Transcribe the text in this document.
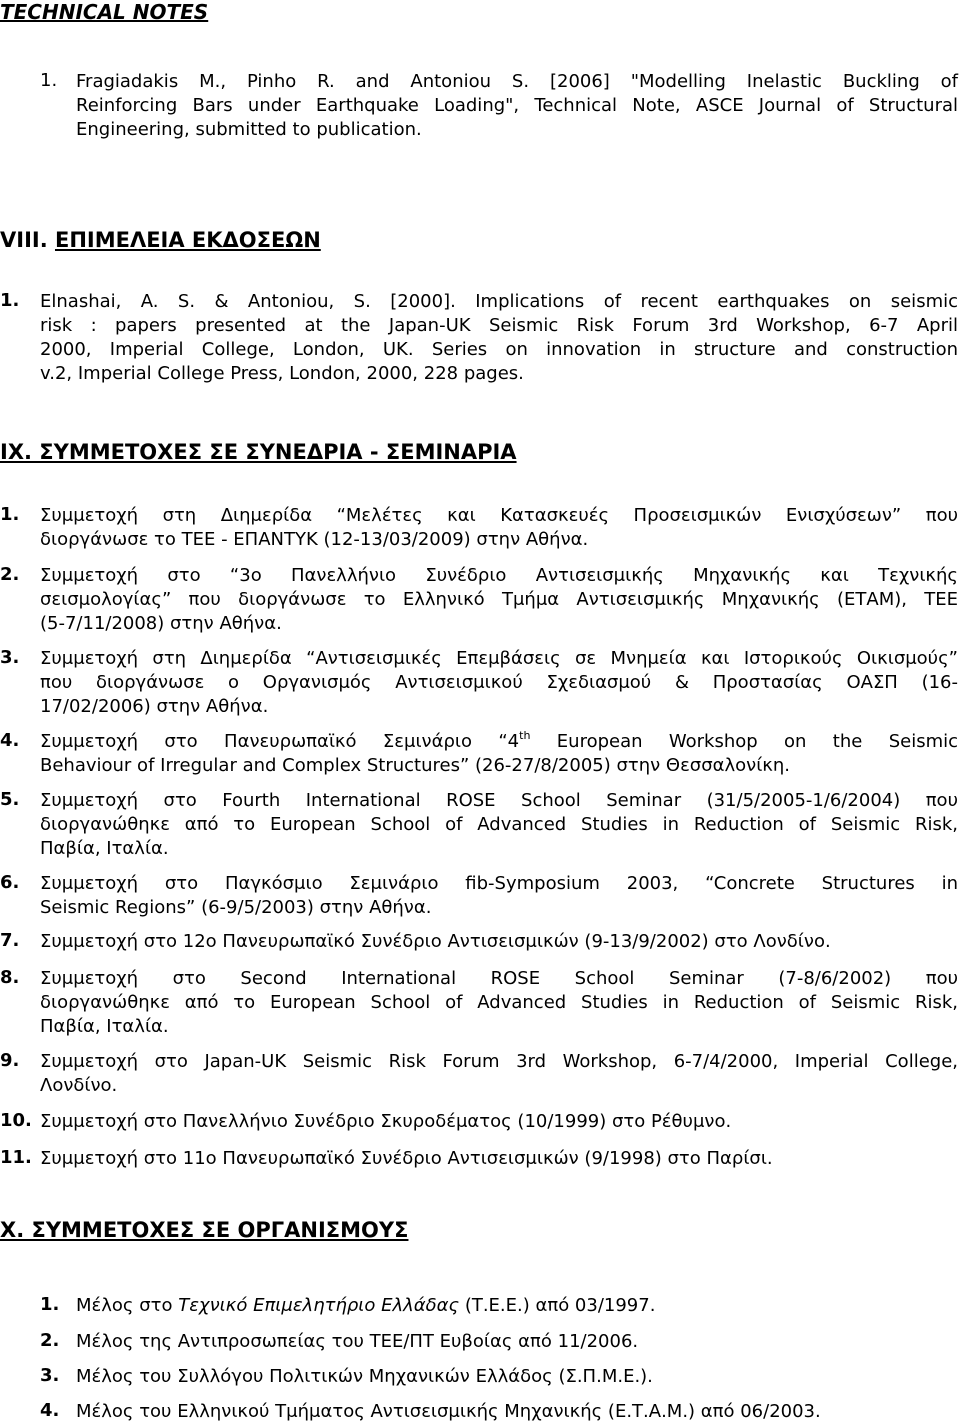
TECHNICAL NOTES
1. Fragiadakis M., Pinho R. and Antoniou S. [2006] "Modelling Inelastic Buckling of
Reinforcing Bars under Earthquake Loading", Technical Note, ASCE Journal of Structural
Engineering, submitted to publication.
VIII. ΕΠΙΜΕΛΕΙΑ ΕΚΔΟΣΕΩΝ
1. Elnashai, A. S. & Antoniou, S. [2000]. Implications of recent earthquakes on seismic
risk : papers presented at the Japan-UK Seismic Risk Forum 3rd Workshop, 6-7 April
2000, Imperial College, London, UK. Series on innovation in structure and construction
v.2, Imperial College Press, London, 2000, 228 pages.
IX. ΣΥΜΜΕΤΟΧΕΣ ΣΕ ΣΥΝΕΔΡΙΑ - ΣΕΜΙΝΑΡΙΑ
1. Συμμετοχή στη Διημερίδα “Μελέτες και Κατασκευές Προσεισμικών Ενισχύσεων” που
διοργάνωσε το ΤΕΕ - ΕΠΑΝΤΥΚ (12-13/03/2009) στην Αθήνα.
2. Συμμετοχή στο “3ο Πανελλήνιο Συνέδριο Αντισεισμικής Μηχανικής και Τεχνικής
σεισμολογίας” που διοργάνωσε το Ελληνικό Τμήμα Αντισεισμικής Μηχανικής (ΕΤΑΜ), ΤΕΕ
(5-7/11/2008) στην Αθήνα.
3. Συμμετοχή στη Διημερίδα “Αντισεισμικές Επεμβάσεις σε Μνημεία και Ιστορικούς Οικισμούς”
που διοργάνωσε ο Οργανισμός Αντισεισμικού Σχεδιασμού & Προστασίας ΟΑΣΠ (16-
17/02/2006) στην Αθήνα.
4. Συμμετοχή στο Πανευρωπαϊκό Σεμινάριο “4th European Workshop on the Seismic
Behaviour of Irregular and Complex Structures” (26-27/8/2005) στην Θεσσαλονίκη.
5. Συμμετοχή στο Fourth International ROSE School Seminar (31/5/2005-1/6/2004) που
διοργανώθηκε από το European School of Advanced Studies in Reduction of Seismic Risk,
Παβία, Ιταλία.
6. Συμμετοχή στο Παγκόσμιο Σεμινάριο fib-Symposium 2003, “Concrete Structures in
Seismic Regions” (6-9/5/2003) στην Αθήνα.
7. Συμμετοχή στο 12ο Πανευρωπαϊκό Συνέδριο Αντισεισμικών (9-13/9/2002) στο Λονδίνο.
8. Συμμετοχή στο Second International ROSE School Seminar (7-8/6/2002) που
διοργανώθηκε από το European School of Advanced Studies in Reduction of Seismic Risk,
Παβία, Ιταλία.
9. Συμμετοχή στο Japan-UK Seismic Risk Forum 3rd Workshop, 6-7/4/2000, Imperial College,
Λονδίνο.
10. Συμμετοχή στο Πανελλήνιο Συνέδριο Σκυροδέματος (10/1999) στο Ρέθυμνο.
11. Συμμετοχή στο 11ο Πανευρωπαϊκό Συνέδριο Αντισεισμικών (9/1998) στο Παρίσι.
X. ΣΥΜΜΕΤΟΧΕΣ ΣΕ ΟΡΓΑΝΙΣΜΟΥΣ
1. Μέλος στο Τεχνικό Επιμελητήριο Ελλάδας (Τ.Ε.Ε.) από 03/1997.
2. Μέλος της Αντιπροσωπείας του ΤΕΕ/ΠΤ Ευβοίας από 11/2006.
3. Μέλος του Συλλόγου Πολιτικών Μηχανικών Ελλάδος (Σ.Π.Μ.Ε.).
4. Μέλος του Ελληνικού Τμήματος Αντισεισμικής Μηχανικής (Ε.Τ.Α.Μ.) από 06/2003.
